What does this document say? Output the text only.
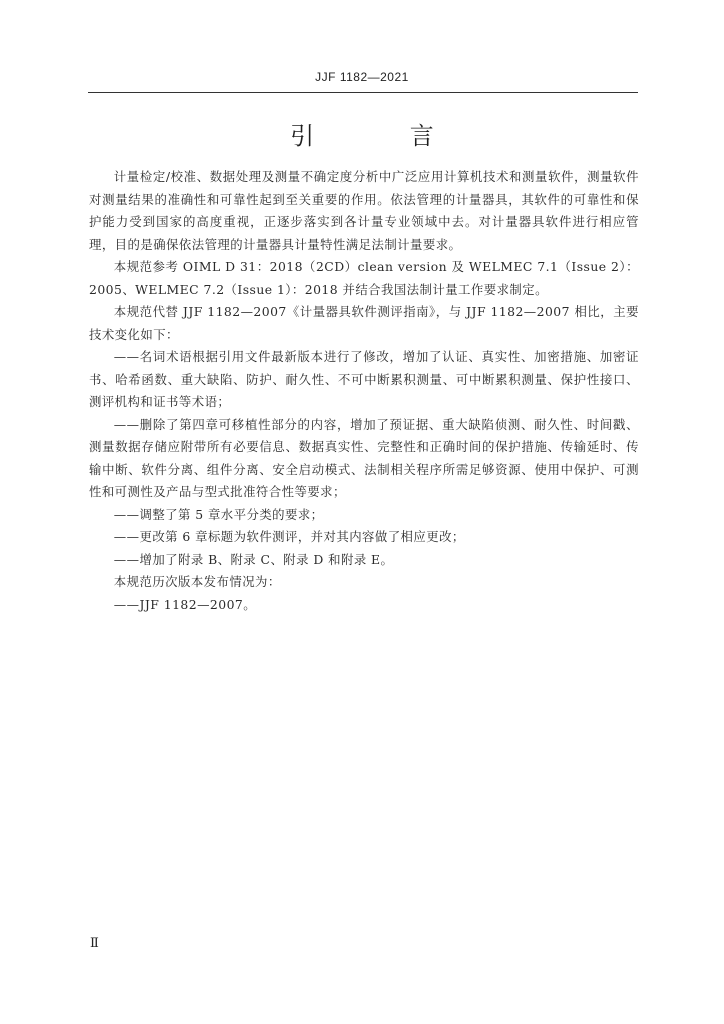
JJF 1182—2021
引 言

计量检定/校准、数据处理及测量不确定度分析中广泛应用计算机技术和测量软件，测量软件对测量结果的准确性和可靠性起到至关重要的作用。依法管理的计量器具，其软件的可靠性和保护能力受到国家的高度重视，正逐步落实到各计量专业领域中去。对计量器具软件进行相应管理，目的是确保依法管理的计量器具计量特性满足法制计量要求。

本规范参考 OIML D 31：2018（2CD）clean version 及 WELMEC 7.1（Issue 2）：2005、WELMEC 7.2（Issue 1）：2018 并结合我国法制计量工作要求制定。

本规范代替 JJF 1182—2007《计量器具软件测评指南》，与 JJF 1182—2007 相比，主要技术变化如下：

——名词术语根据引用文件最新版本进行了修改，增加了认证、真实性、加密措施、加密证书、哈希函数、重大缺陷、防护、耐久性、不可中断累积测量、可中断累积测量、保护性接口、测评机构和证书等术语；

——删除了第四章可移植性部分的内容，增加了预证据、重大缺陷侦测、耐久性、时间戳、测量数据存储应附带所有必要信息、数据真实性、完整性和正确时间的保护措施、传输延时、传输中断、软件分离、组件分离、安全启动模式、法制相关程序所需足够资源、使用中保护、可测性和可测性及产品与型式批准符合性等要求；

——调整了第 5 章水平分类的要求；

——更改第 6 章标题为软件测评，并对其内容做了相应更改；

——增加了附录 B、附录 C、附录 D 和附录 E。

本规范历次版本发布情况为：

——JJF 1182—2007。

Ⅱ
